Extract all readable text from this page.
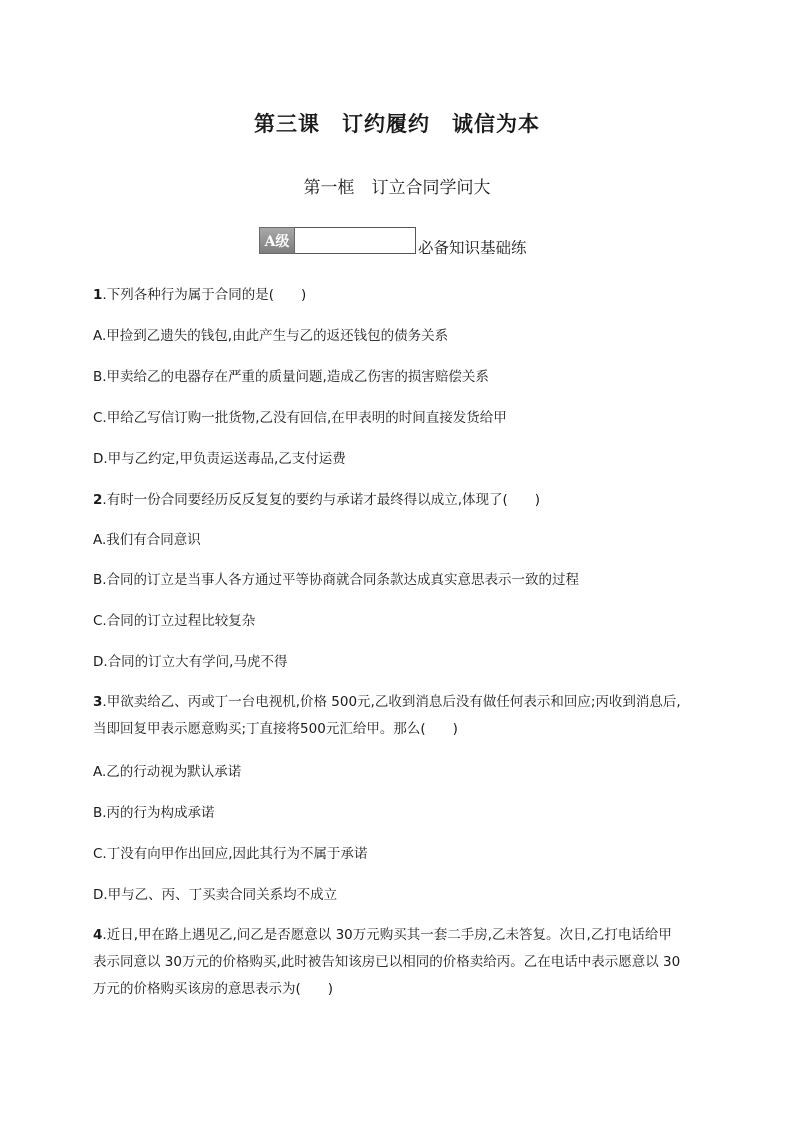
第三课　订约履约　诚信为本
第一框　订立合同学问大
A级	必备知识基础练
1.下列各种行为属于合同的是(　　)
A.甲捡到乙遗失的钱包,由此产生与乙的返还钱包的债务关系
B.甲卖给乙的电器存在严重的质量问题,造成乙伤害的损害赔偿关系
C.甲给乙写信订购一批货物,乙没有回信,在甲表明的时间直接发货给甲
D.甲与乙约定,甲负责运送毒品,乙支付运费
2.有时一份合同要经历反反复复的要约与承诺才最终得以成立,体现了(　　)
A.我们有合同意识
B.合同的订立是当事人各方通过平等协商就合同条款达成真实意思表示一致的过程
C.合同的订立过程比较复杂
D.合同的订立大有学问,马虎不得
3.甲欲卖给乙、丙或丁一台电视机,价格 500元,乙收到消息后没有做任何表示和回应;丙收到消息后,
当即回复甲表示愿意购买;丁直接将500元汇给甲。那么(　　)
A.乙的行动视为默认承诺
B.丙的行为构成承诺
C.丁没有向甲作出回应,因此其行为不属于承诺
D.甲与乙、丙、丁买卖合同关系均不成立
4.近日,甲在路上遇见乙,问乙是否愿意以 30万元购买其一套二手房,乙未答复。次日,乙打电话给甲
表示同意以 30万元的价格购买,此时被告知该房已以相同的价格卖给丙。乙在电话中表示愿意以 30
万元的价格购买该房的意思表示为(　　)
